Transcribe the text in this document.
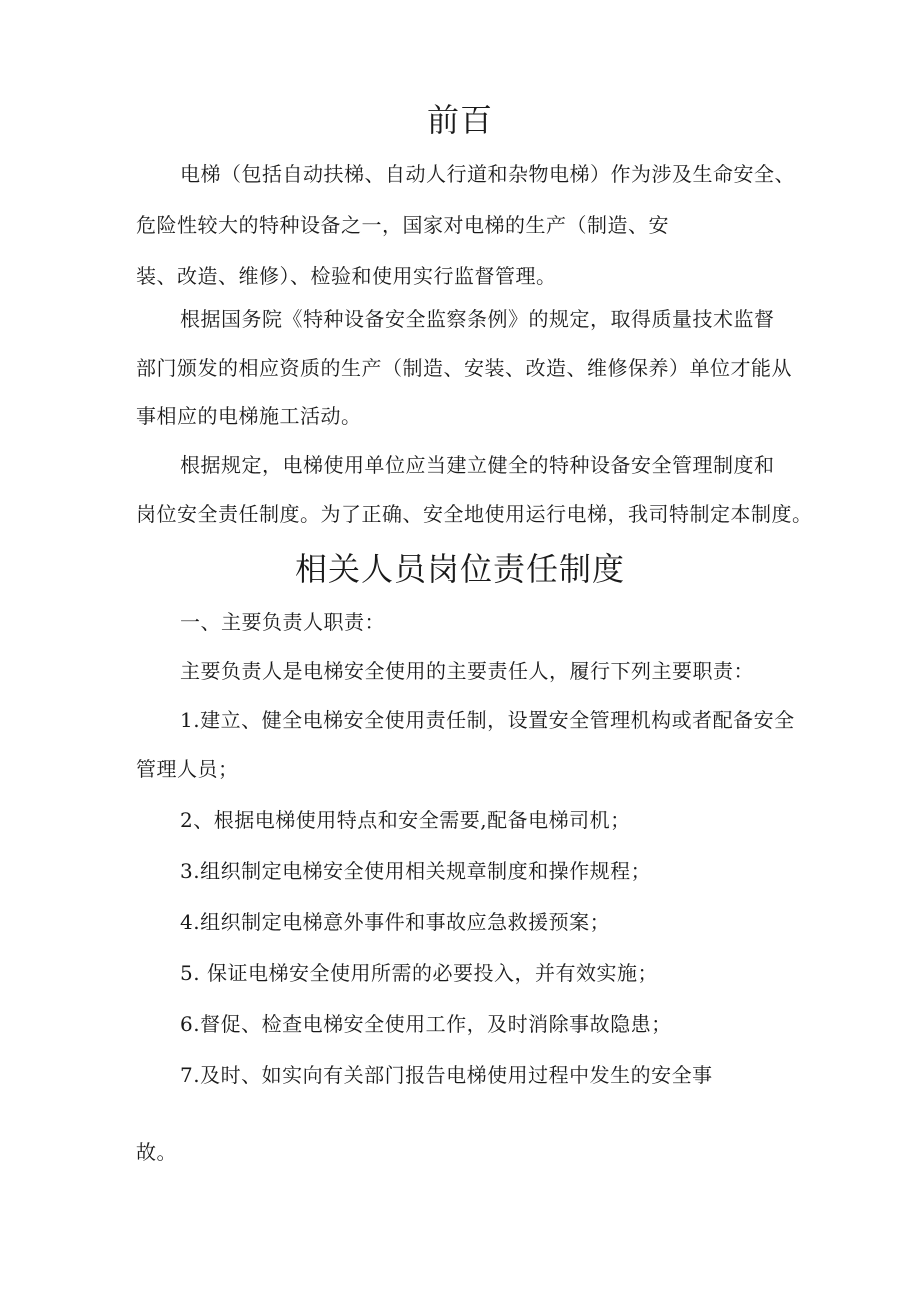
前百
电梯（包括自动扶梯、自动人行道和杂物电梯）作为涉及生命安全、
危险性较大的特种设备之一，国家对电梯的生产（制造、安
装、改造、维修）、检验和使用实行监督管理。
根据国务院《特种设备安全监察条例》的规定，取得质量技术监督
部门颁发的相应资质的生产（制造、安装、改造、维修保养）单位才能从
事相应的电梯施工活动。
根据规定，电梯使用单位应当建立健全的特种设备安全管理制度和
岗位安全责任制度。为了正确、安全地使用运行电梯，我司特制定本制度。
相关人员岗位责任制度
一、主要负责人职责：
主要负责人是电梯安全使用的主要责任人，履行下列主要职责：
1.建立、健全电梯安全使用责任制，设置安全管理机构或者配备安全
管理人员；
2、根据电梯使用特点和安全需要,配备电梯司机；
3.组织制定电梯安全使用相关规章制度和操作规程；
4.组织制定电梯意外事件和事故应急救援预案；
5. 保证电梯安全使用所需的必要投入，并有效实施；
6.督促、检查电梯安全使用工作，及时消除事故隐患；
7.及时、如实向有关部门报告电梯使用过程中发生的安全事
故。
